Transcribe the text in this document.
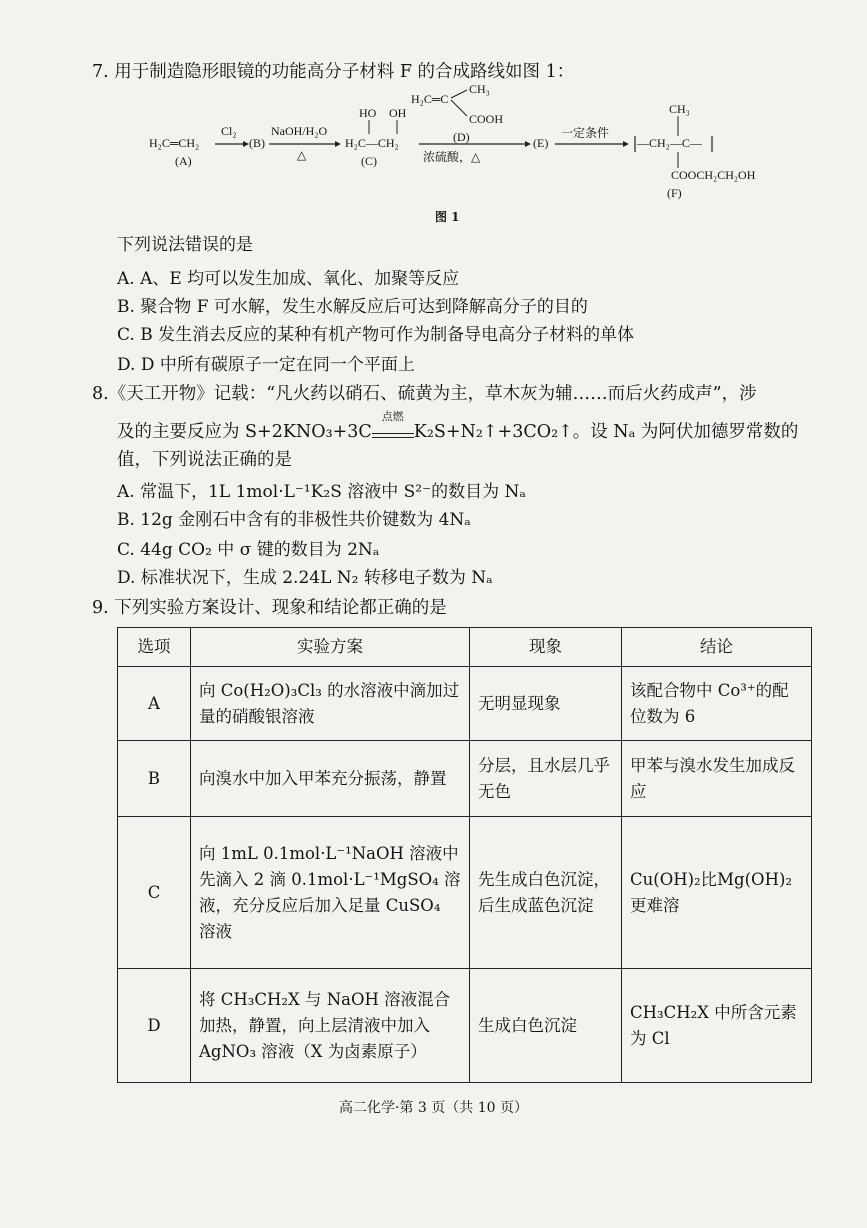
7. 用于制造隐形眼镜的功能高分子材料 F 的合成路线如图 1：
H₂C═CH₂
(A)
Cl₂
(B)
NaOH/H₂O
△
HO OH
H₂C—CH₂
(C)
H₂C═C
CH₃
COOH
(D)
浓硫酸，△
(E)
一定条件
—CH₂—C—
CH₃
COOCH₂CH₂OH
(F)
图 1
下列说法错误的是
A. A、E 均可以发生加成、氧化、加聚等反应
B. 聚合物 F 可水解，发生水解反应后可达到降解高分子的目的
C. B 发生消去反应的某种有机产物可作为制备导电高分子材料的单体
D. D 中所有碳原子一定在同一个平面上
8.《天工开物》记载：“凡火药以硝石、硫黄为主，草木灰为辅……而后火药成声”，涉
及的主要反应为 S+2KNO₃+3C
点燃
K₂S+N₂↑+3CO₂↑。设 Nₐ 为阿伏加德罗常数的
值，下列说法正确的是
A. 常温下，1L 1mol·L⁻¹K₂S 溶液中 S²⁻的数目为 Nₐ
B. 12g 金刚石中含有的非极性共价键数为 4Nₐ
C. 44g CO₂ 中 σ 键的数目为 2Nₐ
D. 标准状况下，生成 2.24L N₂ 转移电子数为 Nₐ
9. 下列实验方案设计、现象和结论都正确的是
选项	实验方案	现象	结论
A	向 Co(H₂O)₃Cl₃ 的水溶液中滴加过量的硝酸银溶液	无明显现象	该配合物中 Co³⁺的配位数为 6
B	向溴水中加入甲苯充分振荡，静置	分层，且水层几乎无色	甲苯与溴水发生加成反应
C	向 1mL 0.1mol·L⁻¹NaOH 溶液中先滴入 2 滴 0.1mol·L⁻¹MgSO₄ 溶液，充分反应后加入足量 CuSO₄ 溶液	先生成白色沉淀，后生成蓝色沉淀	Cu(OH)₂比Mg(OH)₂更难溶
D	将 CH₃CH₂X 与 NaOH 溶液混合加热，静置，向上层清液中加入 AgNO₃ 溶液（X 为卤素原子）	生成白色沉淀	CH₃CH₂X 中所含元素为 Cl
高二化学·第 3 页（共 10 页）
